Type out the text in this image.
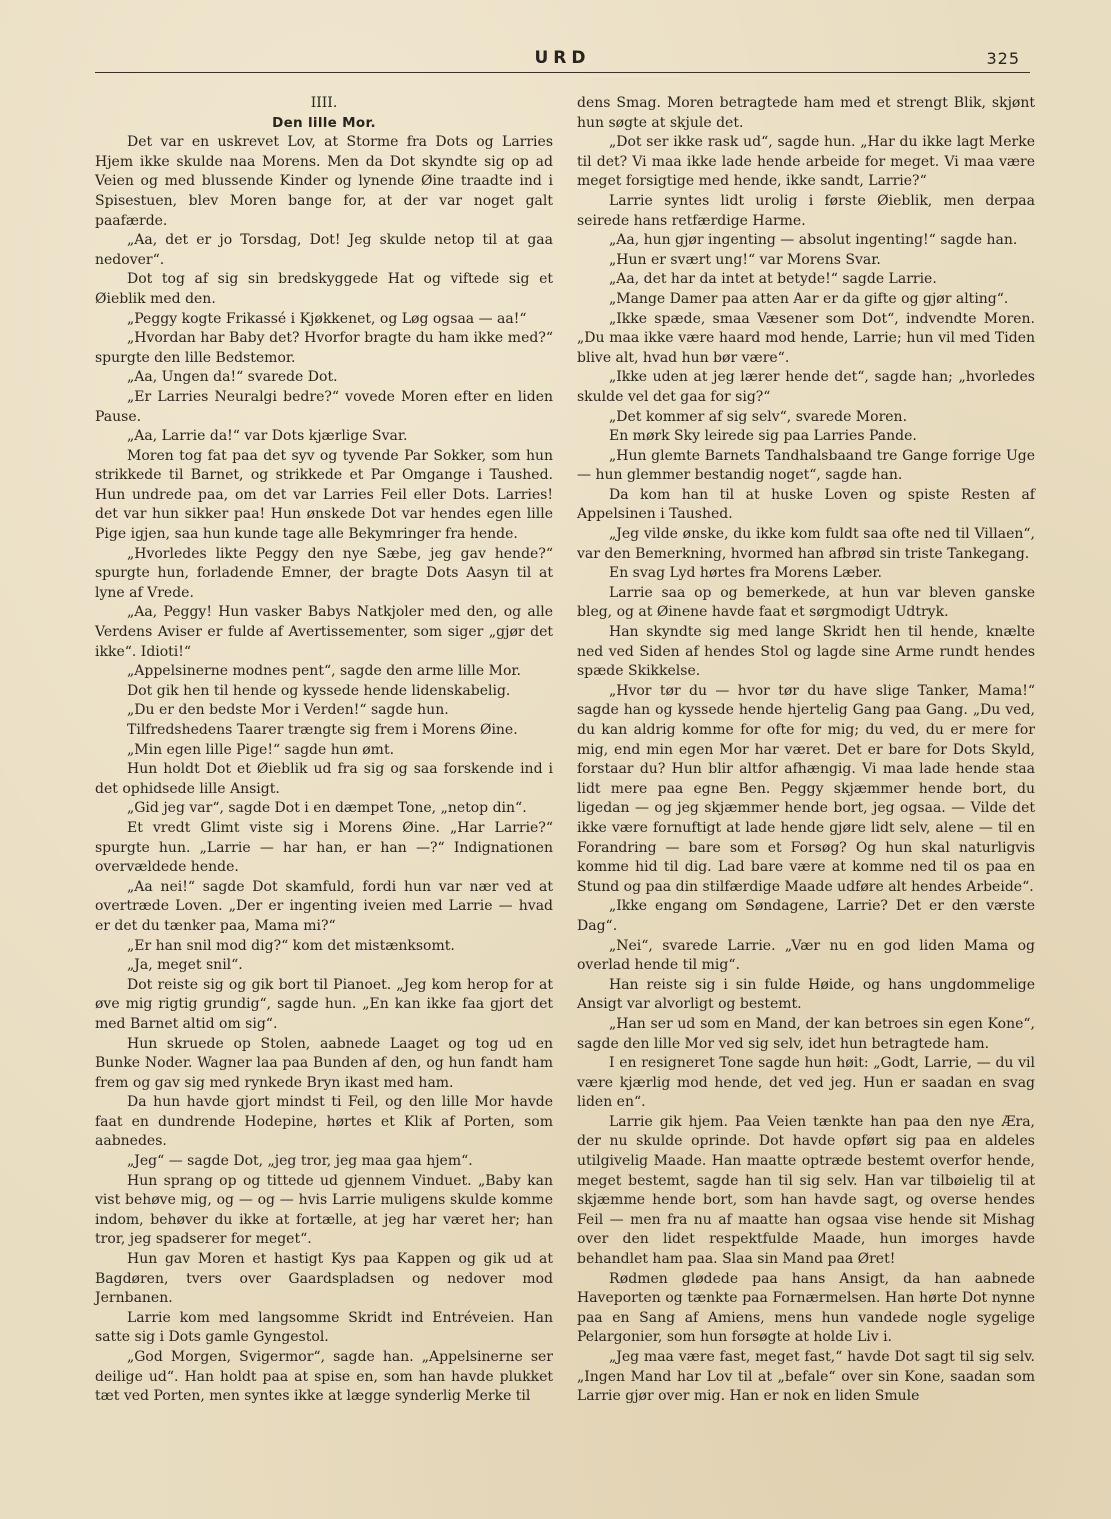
URD	325

IIII.

Den lille Mor.

Det var en uskrevet Lov, at Storme fra Dots og Larries Hjem ikke skulde naa Morens. Men da Dot skyndte sig op ad Veien og med blussende Kinder og lynende Øine traadte ind i Spisestuen, blev Moren bange for, at der var noget galt paafærde.

„Aa, det er jo Torsdag, Dot! Jeg skulde netop til at gaa nedover“.

Dot tog af sig sin bredskyggede Hat og viftede sig et Øieblik med den.

„Peggy kogte Frikassé i Kjøkkenet, og Løg ogsaa — aa!“

„Hvordan har Baby det? Hvorfor bragte du ham ikke med?“ spurgte den lille Bedstemor.

„Aa, Ungen da!“ svarede Dot.

„Er Larries Neuralgi bedre?“ vovede Moren efter en liden Pause.

„Aa, Larrie da!“ var Dots kjærlige Svar.

Moren tog fat paa det syv og tyvende Par Sokker, som hun strikkede til Barnet, og strikkede et Par Omgange i Taushed. Hun undrede paa, om det var Larries Feil eller Dots. Larries! det var hun sikker paa! Hun ønskede Dot var hendes egen lille Pige igjen, saa hun kunde tage alle Bekymringer fra hende.

„Hvorledes likte Peggy den nye Sæbe, jeg gav hende?“ spurgte hun, forladende Emner, der bragte Dots Aasyn til at lyne af Vrede.

„Aa, Peggy! Hun vasker Babys Natkjoler med den, og alle Verdens Aviser er fulde af Avertissementer, som siger „gjør det ikke“. Idioti!“

„Appelsinerne modnes pent“, sagde den arme lille Mor.

Dot gik hen til hende og kyssede hende lidenskabelig.

„Du er den bedste Mor i Verden!“ sagde hun.

Tilfredshedens Taarer trængte sig frem i Morens Øine.

„Min egen lille Pige!“ sagde hun ømt.

Hun holdt Dot et Øieblik ud fra sig og saa forskende ind i det ophidsede lille Ansigt.

„Gid jeg var“, sagde Dot i en dæmpet Tone, „netop din“.

Et vredt Glimt viste sig i Morens Øine. „Har Larrie?“ spurgte hun. „Larrie — har han, er han —?“ Indignationen overvældede hende.

„Aa nei!“ sagde Dot skamfuld, fordi hun var nær ved at overtræde Loven. „Der er ingenting iveien med Larrie — hvad er det du tænker paa, Mama mi?“

„Er han snil mod dig?“ kom det mistænksomt.

„Ja, meget snil“.

Dot reiste sig og gik bort til Pianoet. „Jeg kom herop for at øve mig rigtig grundig“, sagde hun. „En kan ikke faa gjort det med Barnet altid om sig“.

Hun skruede op Stolen, aabnede Laaget og tog ud en Bunke Noder. Wagner laa paa Bunden af den, og hun fandt ham frem og gav sig med rynkede Bryn ikast med ham.

Da hun havde gjort mindst ti Feil, og den lille Mor havde faat en dundrende Hodepine, hørtes et Klik af Porten, som aabnedes.

„Jeg“ — sagde Dot, „jeg tror, jeg maa gaa hjem“.

Hun sprang op og tittede ud gjennem Vinduet. „Baby kan vist behøve mig, og — og — hvis Larrie muligens skulde komme indom, behøver du ikke at fortælle, at jeg har været her; han tror, jeg spadserer for meget“.

Hun gav Moren et hastigt Kys paa Kappen og gik ud at Bagdøren, tvers over Gaardspladsen og nedover mod Jernbanen.

Larrie kom med langsomme Skridt ind Entréveien. Han satte sig i Dots gamle Gyngestol.

„God Morgen, Svigermor“, sagde han. „Appelsinerne ser deilige ud“. Han holdt paa at spise en, som han havde plukket tæt ved Porten, men syntes ikke at lægge synderlig Merke til

dens Smag. Moren betragtede ham med et strengt Blik, skjønt hun søgte at skjule det.

„Dot ser ikke rask ud“, sagde hun. „Har du ikke lagt Merke til det? Vi maa ikke lade hende arbeide for meget. Vi maa være meget forsigtige med hende, ikke sandt, Larrie?“

Larrie syntes lidt urolig i første Øieblik, men derpaa seirede hans retfærdige Harme.

„Aa, hun gjør ingenting — absolut ingenting!“ sagde han.

„Hun er svært ung!“ var Morens Svar.

„Aa, det har da intet at betyde!“ sagde Larrie.

„Mange Damer paa atten Aar er da gifte og gjør alting“.

„Ikke spæde, smaa Væsener som Dot“, indvendte Moren. „Du maa ikke være haard mod hende, Larrie; hun vil med Tiden blive alt, hvad hun bør være“.

„Ikke uden at jeg lærer hende det“, sagde han; „hvorledes skulde vel det gaa for sig?“

„Det kommer af sig selv“, svarede Moren.

En mørk Sky leirede sig paa Larries Pande.

„Hun glemte Barnets Tandhalsbaand tre Gange forrige Uge — hun glemmer bestandig noget“, sagde han.

Da kom han til at huske Loven og spiste Resten af Appelsinen i Taushed.

„Jeg vilde ønske, du ikke kom fuldt saa ofte ned til Villaen“, var den Bemerkning, hvormed han afbrød sin triste Tankegang.

En svag Lyd hørtes fra Morens Læber.

Larrie saa op og bemerkede, at hun var bleven ganske bleg, og at Øinene havde faat et sørgmodigt Udtryk.

Han skyndte sig med lange Skridt hen til hende, knælte ned ved Siden af hendes Stol og lagde sine Arme rundt hendes spæde Skikkelse.

„Hvor tør du — hvor tør du have slige Tanker, Mama!“ sagde han og kyssede hende hjertelig Gang paa Gang. „Du ved, du kan aldrig komme for ofte for mig; du ved, du er mere for mig, end min egen Mor har været. Det er bare for Dots Skyld, forstaar du? Hun blir altfor afhængig. Vi maa lade hende staa lidt mere paa egne Ben. Peggy skjæmmer hende bort, du ligedan — og jeg skjæmmer hende bort, jeg ogsaa. — Vilde det ikke være fornuftigt at lade hende gjøre lidt selv, alene — til en Forandring — bare som et Forsøg? Og hun skal naturligvis komme hid til dig. Lad bare være at komme ned til os paa en Stund og paa din stilfærdige Maade udføre alt hendes Arbeide“.

„Ikke engang om Søndagene, Larrie? Det er den værste Dag“.

„Nei“, svarede Larrie. „Vær nu en god liden Mama og overlad hende til mig“.

Han reiste sig i sin fulde Høide, og hans ungdommelige Ansigt var alvorligt og bestemt.

„Han ser ud som en Mand, der kan betroes sin egen Kone“, sagde den lille Mor ved sig selv, idet hun betragtede ham.

I en resigneret Tone sagde hun høit: „Godt, Larrie, — du vil være kjærlig mod hende, det ved jeg. Hun er saadan en svag liden en“.

Larrie gik hjem. Paa Veien tænkte han paa den nye Æra, der nu skulde oprinde. Dot havde opført sig paa en aldeles utilgivelig Maade. Han maatte optræde bestemt overfor hende, meget bestemt, sagde han til sig selv. Han var tilbøielig til at skjæmme hende bort, som han havde sagt, og overse hendes Feil — men fra nu af maatte han ogsaa vise hende sit Mishag over den lidet respektfulde Maade, hun imorges havde behandlet ham paa. Slaa sin Mand paa Øret!

Rødmen glødede paa hans Ansigt, da han aabnede Haveporten og tænkte paa Fornærmelsen. Han hørte Dot nynne paa en Sang af Amiens, mens hun vandede nogle sygelige Pelargonier, som hun forsøgte at holde Liv i.

„Jeg maa være fast, meget fast,“ havde Dot sagt til sig selv. „Ingen Mand har Lov til at „befale“ over sin Kone, saadan som Larrie gjør over mig. Han er nok en liden Smule
